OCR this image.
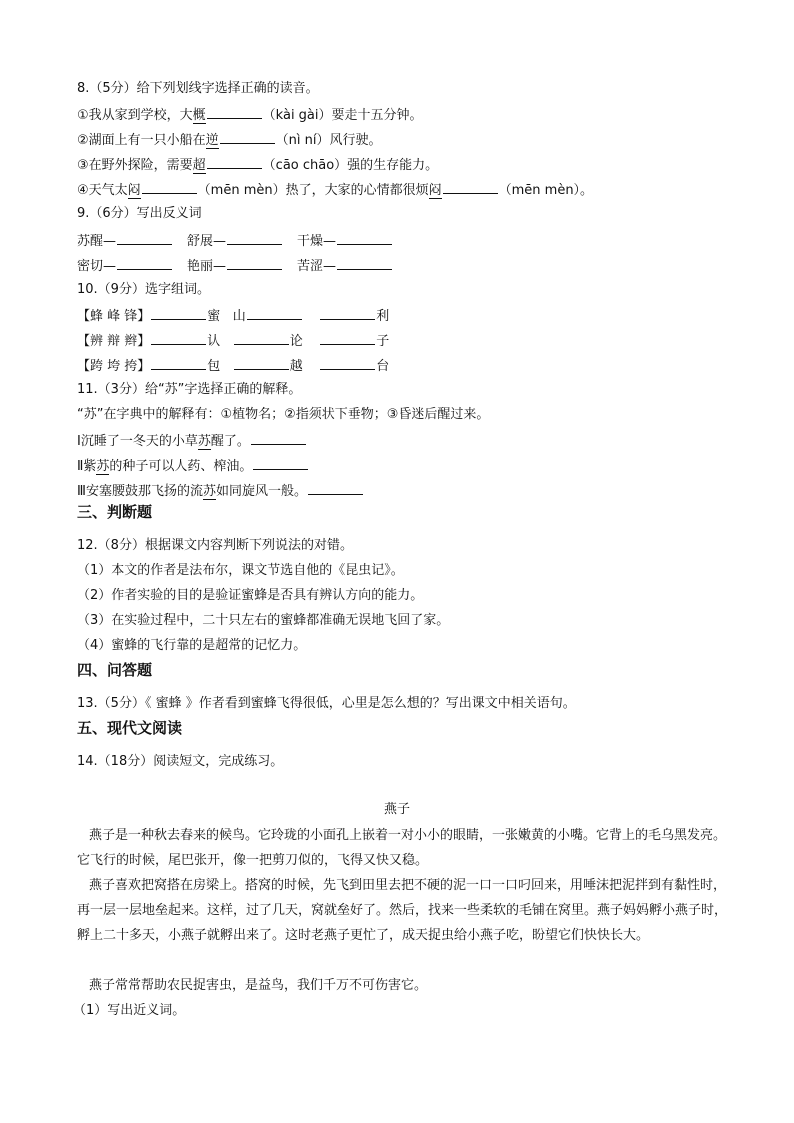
8.（5分）给下列划线字选择正确的读音。
①我从家到学校，大概	（kài gài）要走十五分钟。
②湖面上有一只小船在逆	（nì ní）风行驶。
③在野外探险，需要超	（cāo chāo）强的生存能力。
④天气太闷	（mēn mèn）热了，大家的心情都很烦闷	（mēn mèn）。
9.（6分）写出反义词
苏醒—	舒展—	干燥—
密切—	艳丽—	苦涩—
10.（9分）选字组词。
【蜂 峰 锋】	蜜 山	利
【辨 辩 辫】	认	论	子
【跨 垮 挎】	包	越	台
11.（3分）给“苏”字选择正确的解释。
“苏”在字典中的解释有：①植物名；②指须状下垂物；③昏迷后醒过来。
Ⅰ沉睡了一冬天的小草苏醒了。
Ⅱ紫苏的种子可以人药、榨油。
Ⅲ安塞腰鼓那飞扬的流苏如同旋风一般。
三、判断题
12.（8分）根据课文内容判断下列说法的对错。
（1）本文的作者是法布尔，课文节选自他的《昆虫记》。
（2）作者实验的目的是验证蜜蜂是否具有辨认方向的能力。
（3）在实验过程中，二十只左右的蜜蜂都准确无误地飞回了家。
（4）蜜蜂的飞行靠的是超常的记忆力。
四、问答题
13.（5分）《 蜜蜂 》作者看到蜜蜂飞得很低，心里是怎么想的？写出课文中相关语句。
五、现代文阅读
14.（18分）阅读短文，完成练习。
燕子
燕子是一种秋去春来的候鸟。它玲珑的小面孔上嵌着一对小小的眼睛，一张嫩黄的小嘴。它背上的毛乌黑发亮。它飞行的时候，尾巴张开，像一把剪刀似的，飞得又快又稳。
燕子喜欢把窝搭在房梁上。搭窝的时候，先飞到田里去把不硬的泥一口一口叼回来，用唾沫把泥拌到有黏性时，再一层一层地垒起来。这样，过了几天，窝就垒好了。然后，找来一些柔软的毛铺在窝里。燕子妈妈孵小燕子时，孵上二十多天，小燕子就孵出来了。这时老燕子更忙了，成天捉虫给小燕子吃，盼望它们快快长大。
燕子常常帮助农民捉害虫，是益鸟，我们千万不可伤害它。
（1）写出近义词。
